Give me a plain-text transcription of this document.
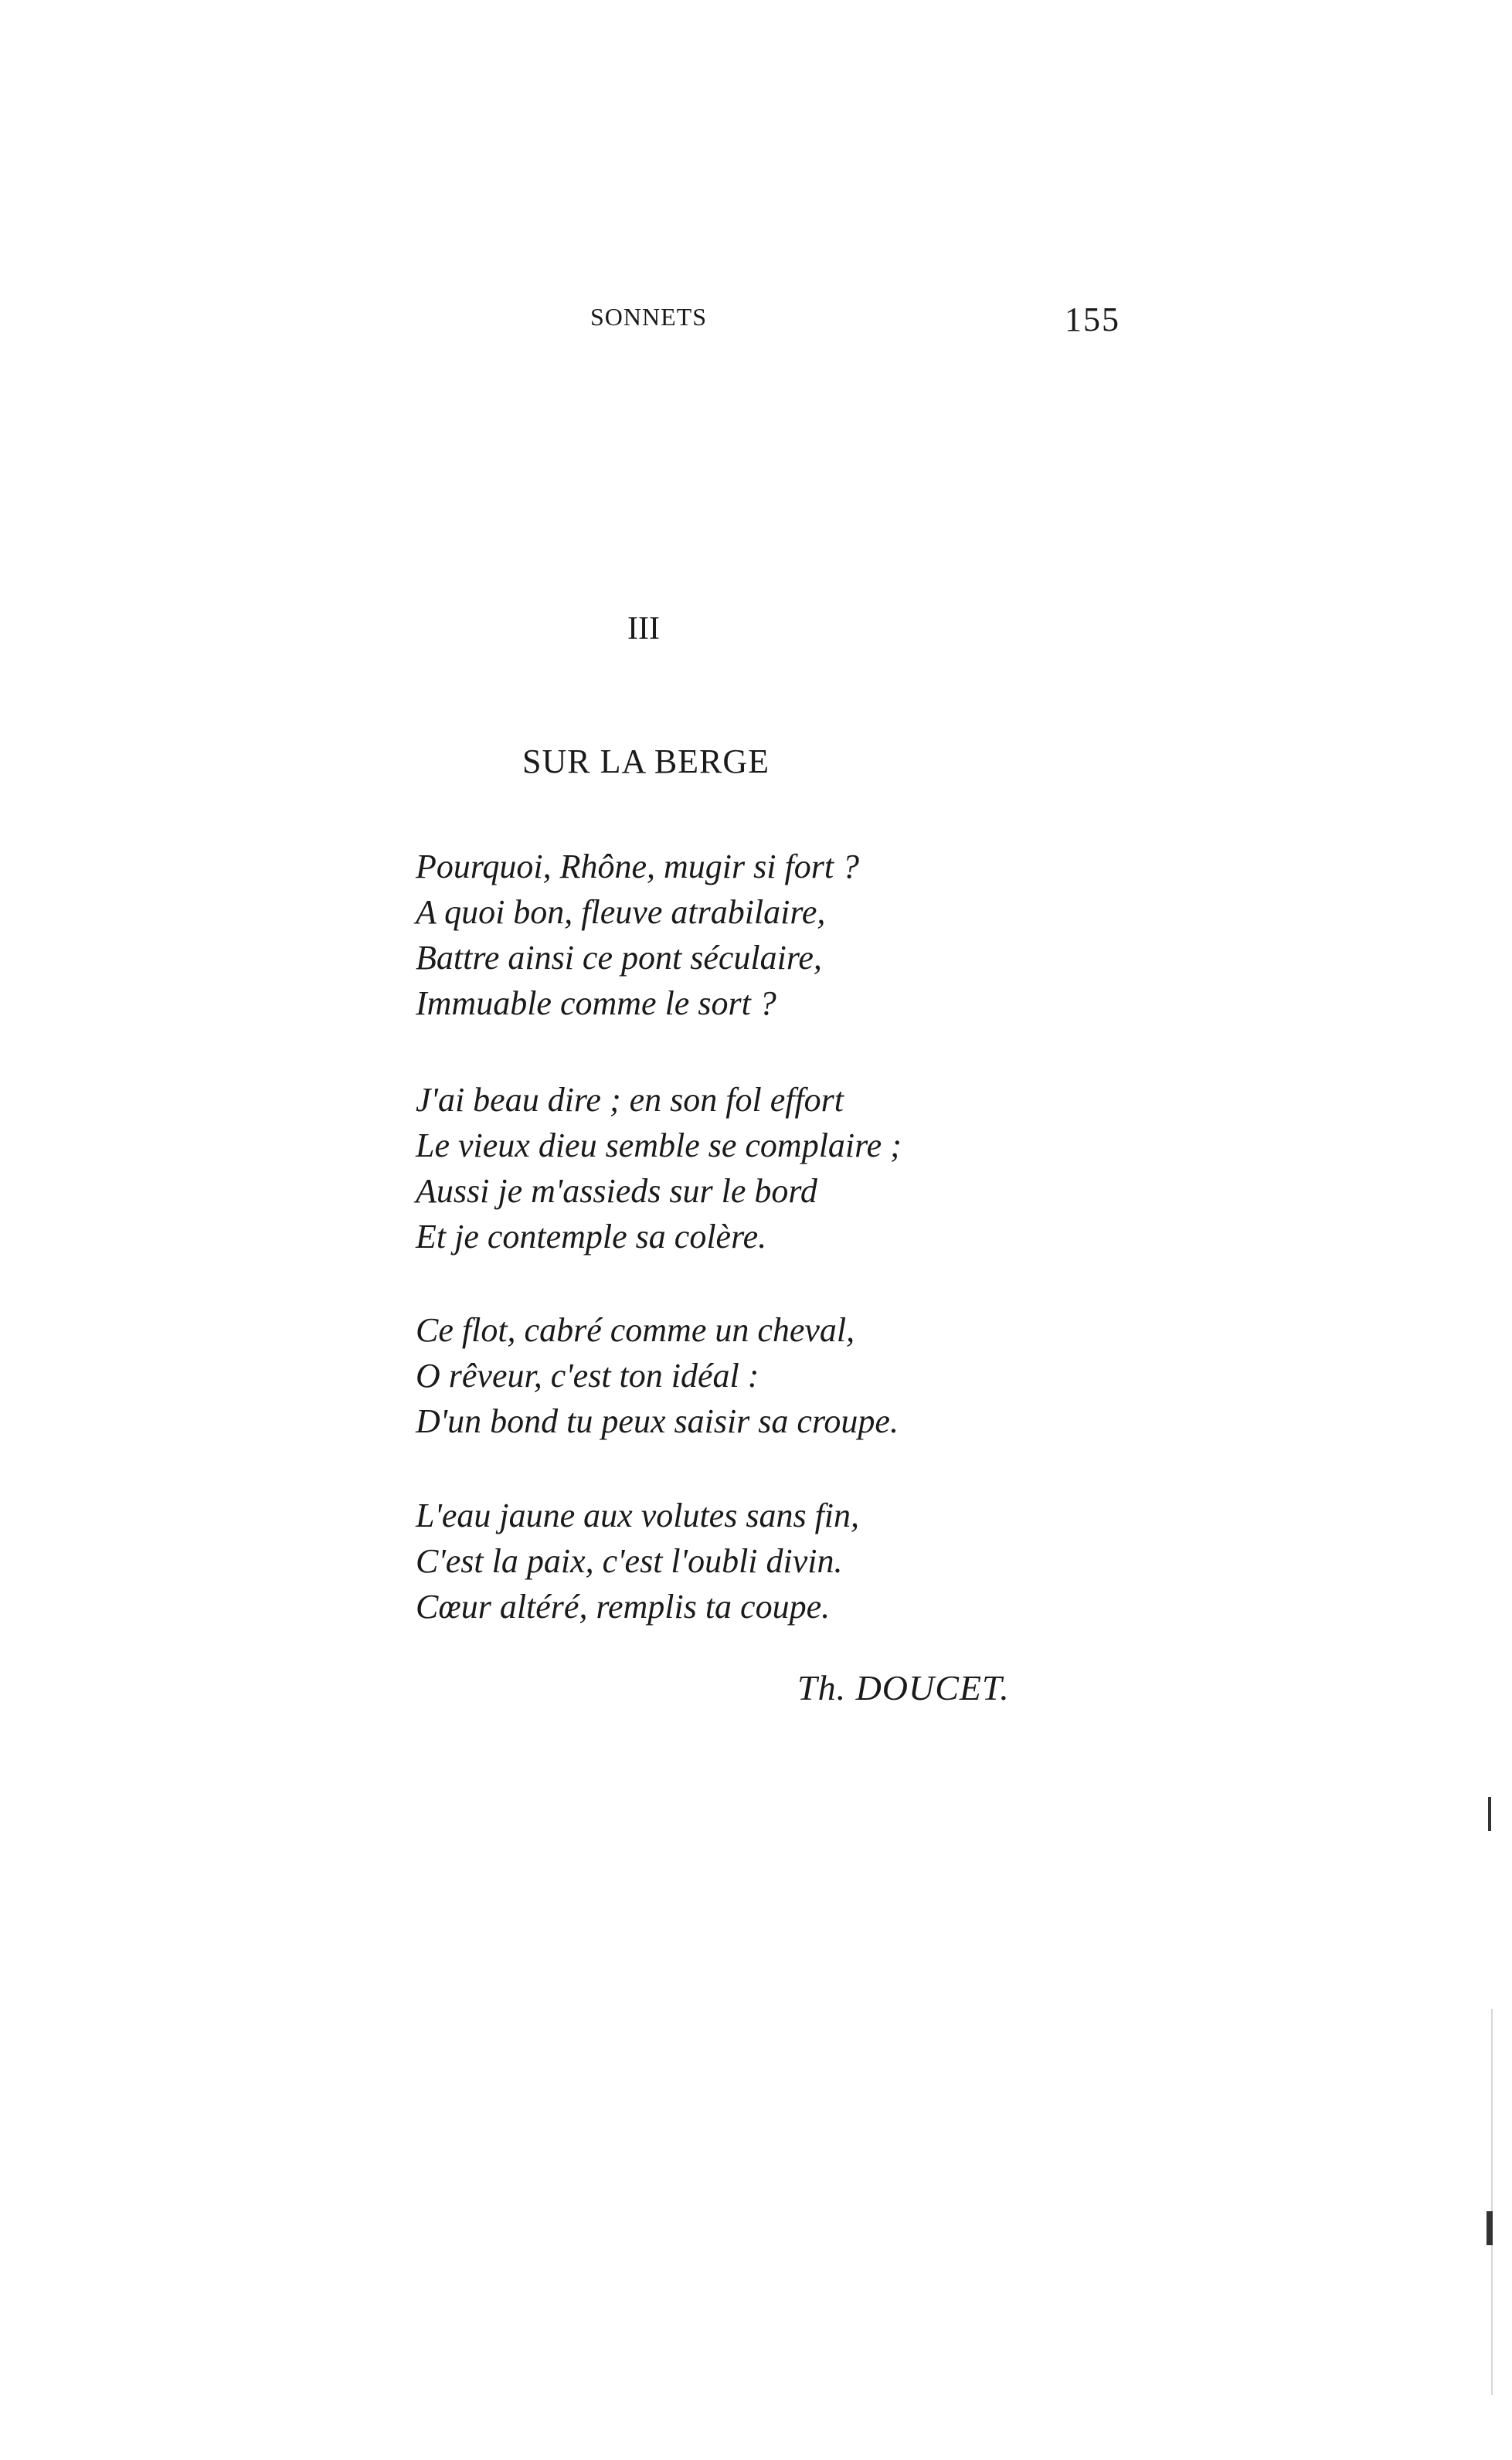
SONNETS	155
III
SUR LA BERGE
Pourquoi, Rhône, mugir si fort ?
A quoi bon, fleuve atrabilaire,
Battre ainsi ce pont séculaire,
Immuable comme le sort ?
J'ai beau dire ; en son fol effort
Le vieux dieu semble se complaire ;
Aussi je m'assieds sur le bord
Et je contemple sa colère.
Ce flot, cabré comme un cheval,
O rêveur, c'est ton idéal :
D'un bond tu peux saisir sa croupe.
L'eau jaune aux volutes sans fin,
C'est la paix, c'est l'oubli divin.
Cœur altéré, remplis ta coupe.
Th. DOUCET.
